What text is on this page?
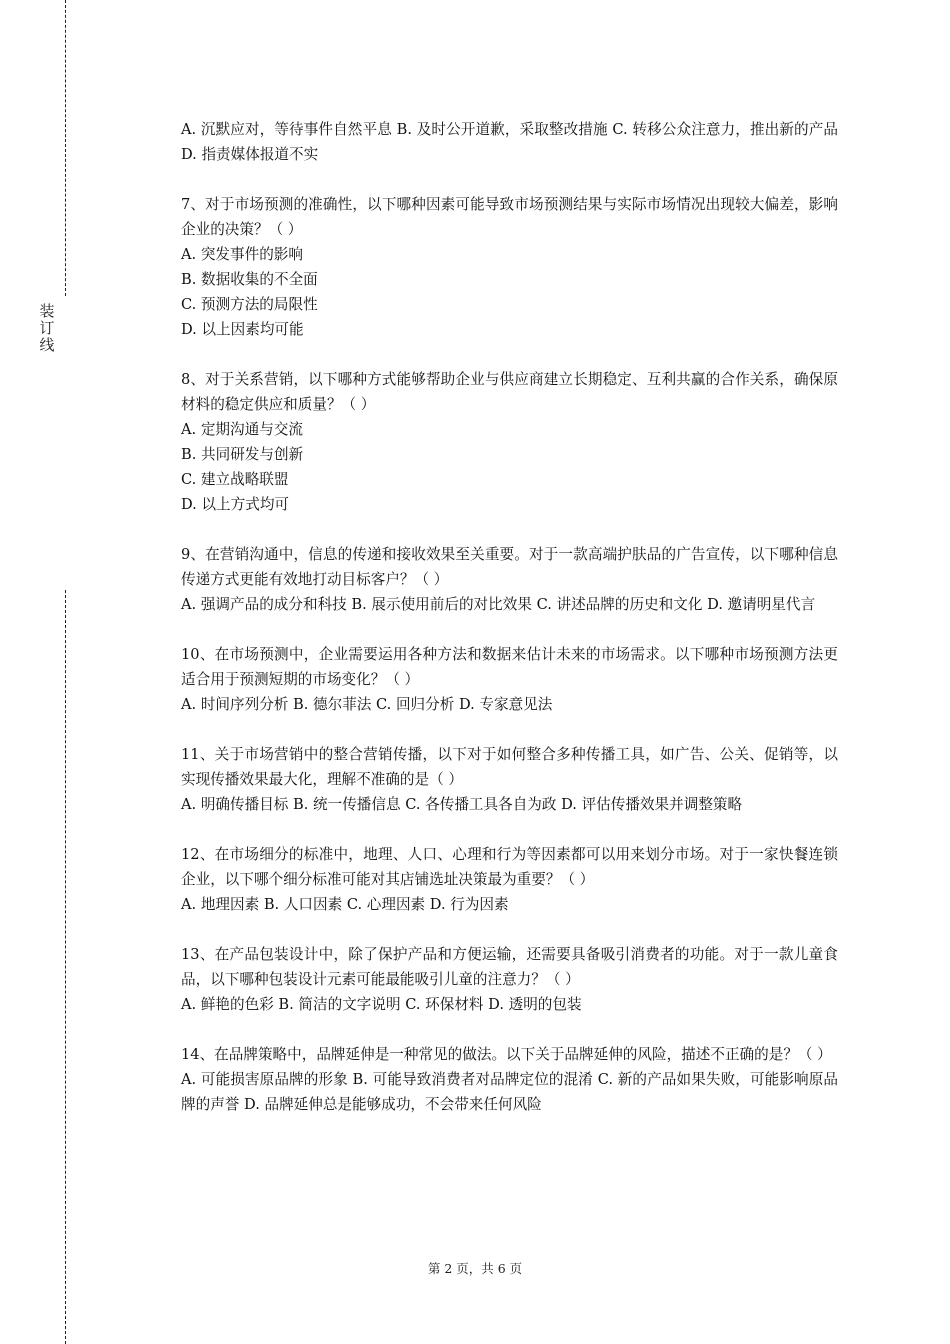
装订线

A. 沉默应对，等待事件自然平息 B. 及时公开道歉，采取整改措施 C. 转移公众注意力，推出新的产品 D. 指责媒体报道不实

7、对于市场预测的准确性，以下哪种因素可能导致市场预测结果与实际市场情况出现较大偏差，影响企业的决策？（ ）

A. 突发事件的影响

B. 数据收集的不全面

C. 预测方法的局限性

D. 以上因素均可能

8、对于关系营销，以下哪种方式能够帮助企业与供应商建立长期稳定、互利共赢的合作关系，确保原材料的稳定供应和质量？（ ）

A. 定期沟通与交流

B. 共同研发与创新

C. 建立战略联盟

D. 以上方式均可

9、在营销沟通中，信息的传递和接收效果至关重要。对于一款高端护肤品的广告宣传，以下哪种信息传递方式更能有效地打动目标客户？（ ）

A. 强调产品的成分和科技 B. 展示使用前后的对比效果 C. 讲述品牌的历史和文化 D. 邀请明星代言

10、在市场预测中，企业需要运用各种方法和数据来估计未来的市场需求。以下哪种市场预测方法更适合用于预测短期的市场变化？（ ）

A. 时间序列分析 B. 德尔菲法 C. 回归分析 D. 专家意见法

11、关于市场营销中的整合营销传播，以下对于如何整合多种传播工具，如广告、公关、促销等，以实现传播效果最大化，理解不准确的是（ ）

A. 明确传播目标 B. 统一传播信息 C. 各传播工具各自为政 D. 评估传播效果并调整策略

12、在市场细分的标准中，地理、人口、心理和行为等因素都可以用来划分市场。对于一家快餐连锁企业，以下哪个细分标准可能对其店铺选址决策最为重要？（ ）

A. 地理因素 B. 人口因素 C. 心理因素 D. 行为因素

13、在产品包装设计中，除了保护产品和方便运输，还需要具备吸引消费者的功能。对于一款儿童食品，以下哪种包装设计元素可能最能吸引儿童的注意力？（ ）

A. 鲜艳的色彩 B. 简洁的文字说明 C. 环保材料 D. 透明的包装

14、在品牌策略中，品牌延伸是一种常见的做法。以下关于品牌延伸的风险，描述不正确的是？（ ）

A. 可能损害原品牌的形象 B. 可能导致消费者对品牌定位的混淆 C. 新的产品如果失败，可能影响原品牌的声誉 D. 品牌延伸总是能够成功，不会带来任何风险

第 2 页，共 6 页
